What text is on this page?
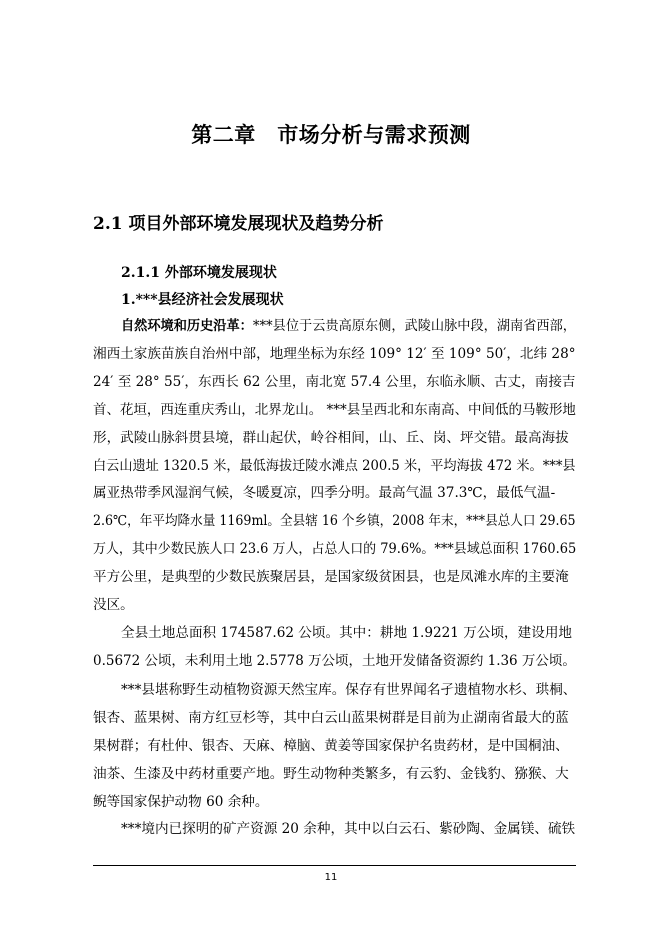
第二章　市场分析与需求预测
2.1 项目外部环境发展现状及趋势分析
2.1.1 外部环境发展现状
1.***县经济社会发展现状
自然环境和历史沿革：***县位于云贵高原东侧，武陵山脉中段，湖南省西部，
湘西土家族苗族自治州中部，地理坐标为东经 109° 12′ 至 109° 50′，北纬 28°
24′ 至 28° 55′，东西长 62 公里，南北宽 57.4 公里，东临永顺、古丈，南接吉
首、花垣，西连重庆秀山，北界龙山。 ***县呈西北和东南高、中间低的马鞍形地
形，武陵山脉斜贯县境，群山起伏，岭谷相间，山、丘、岗、坪交错。最高海拔
白云山遗址 1320.5 米，最低海拔迁陵水滩点 200.5 米，平均海拔 472 米。***县
属亚热带季风湿润气候，冬暖夏凉，四季分明。最高气温 37.3℃，最低气温-
2.6℃，年平均降水量 1169ml。全县辖 16 个乡镇，2008 年末，***县总人口 29.65
万人，其中少数民族人口 23.6 万人，占总人口的 79.6%。***县域总面积 1760.65
平方公里，是典型的少数民族聚居县，是国家级贫困县，也是凤滩水库的主要淹
没区。
全县土地总面积 174587.62 公顷。其中：耕地 1.9221 万公顷，建设用地
0.5672 公顷，未利用土地 2.5778 万公顷，土地开发储备资源约 1.36 万公顷。
***县堪称野生动植物资源天然宝库。保存有世界闻名孑遗植物水杉、珙桐、
银杏、蓝果树、南方红豆杉等，其中白云山蓝果树群是目前为止湖南省最大的蓝
果树群；有杜仲、银杏、天麻、樟脑、黄姜等国家保护名贵药材，是中国桐油、
油茶、生漆及中药材重要产地。野生动物种类繁多，有云豹、金钱豹、猕猴、大
鲵等国家保护动物 60 余种。
***境内已探明的矿产资源 20 余种，其中以白云石、紫砂陶、金属镁、硫铁
11
